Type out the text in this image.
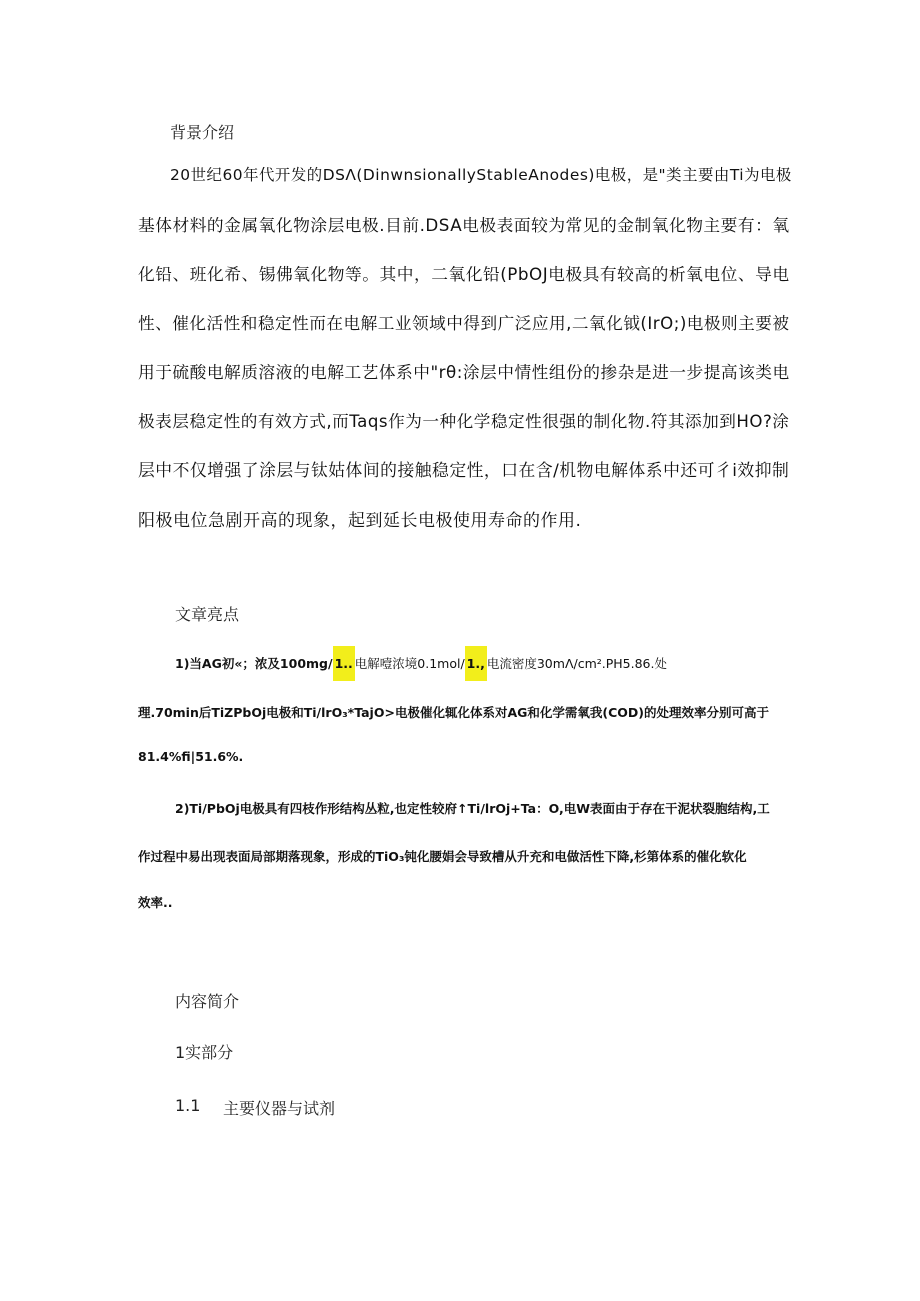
背景介绍
20世纪60年代开发的DSΛ(DinwnsionallyStableAnodes)电极，是"类主要由Ti为电极
基体材料的金属氧化物涂层电极.目前.DSA电极表面较为常见的金制氧化物主要有：氧
化铅、班化希、锡佛氧化物等。其中，二氧化铅(PbOJ电极具有较高的析氧电位、导电
性、催化活性和稳定性而在电解工业领域中得到广泛应用,二氧化钺(IrO;)电极则主要被
用于硫酸电解质溶液的电解工艺体系中"rθ:涂层中情性组份的掺杂是进一步提高该类电
极表层稳定性的有效方式,而Taqs作为一种化学稳定性很强的制化物.符其添加到HO?涂
层中不仅增强了涂层与钛姑体间的接触稳定性，口在含/机物电解体系中还可彳i效抑制
阳极电位急剧开高的现象，起到延长电极使用寿命的作用.
文章亮点
1)当AG初«；浓及100mg/ 1.. 电解噎浓境0.1mol/ 1., 电流密度30mΛ/cm².PH5.86.处
理.70min后TiZPbOj电极和Ti/lrO₃*TajO>电极催化辄化体系对AG和化学需氧我(COD)的处理效率分别可高于
81.4%fi|51.6%.
2)Ti/PbOj电极具有四枝作形结构丛粒,也定性较府↑Ti/lrOj+Ta：O,电W表面由于存在干泥状裂胞结构,工
作过程中易出现表面局部期落现象，形成的TiO₃钝化腰娟会导致槽从升充和电做活性下降,杉第体系的催化软化
效率..
内容简介
1实部分
1.1 主要仪器与试剂
